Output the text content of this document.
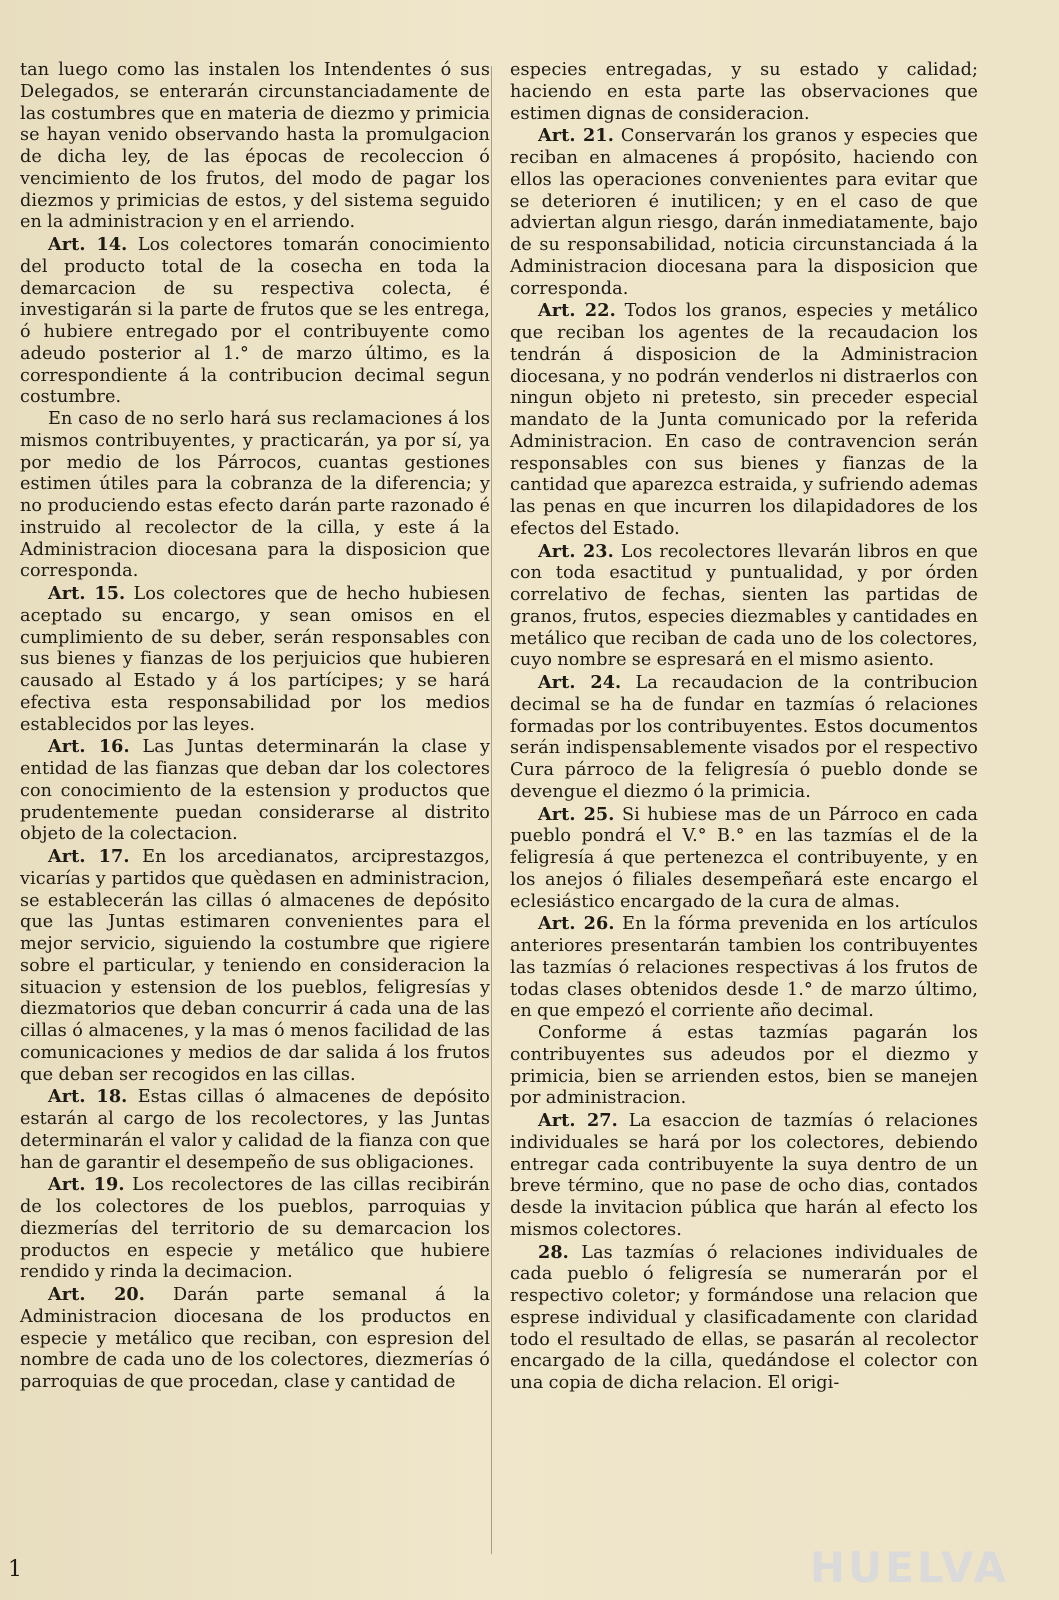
tan luego como las instalen los Intendentes ó sus Delegados, se enterarán circunstanciadamente de las costumbres que en materia de diezmo y primicia se hayan venido observando hasta la promulgacion de dicha ley, de las épocas de recoleccion ó vencimiento de los frutos, del modo de pagar los diezmos y primicias de estos, y del sistema seguido en la administracion y en el arriendo.

Art. 14. Los colectores tomarán conocimiento del producto total de la cosecha en toda la demarcacion de su respectiva colecta, é investigarán si la parte de frutos que se les entrega, ó hubiere entregado por el contribuyente como adeudo posterior al 1.° de marzo último, es la correspondiente á la contribucion decimal segun costumbre.

En caso de no serlo hará sus reclamaciones á los mismos contribuyentes, y practicarán, ya por sí, ya por medio de los Párrocos, cuantas gestiones estimen útiles para la cobranza de la diferencia; y no produciendo estas efecto darán parte razonado é instruido al recolector de la cilla, y este á la Administracion diocesana para la disposicion que corresponda.

Art. 15. Los colectores que de hecho hubiesen aceptado su encargo, y sean omisos en el cumplimiento de su deber, serán responsables con sus bienes y fianzas de los perjuicios que hubieren causado al Estado y á los partícipes; y se hará efectiva esta responsabilidad por los medios establecidos por las leyes.

Art. 16. Las Juntas determinarán la clase y entidad de las fianzas que deban dar los colectores con conocimiento de la estension y productos que prudentemente puedan considerarse al distrito objeto de la colectacion.

Art. 17. En los arcedianatos, arciprestazgos, vicarías y partidos que quèdasen en administracion, se establecerán las cillas ó almacenes de depósito que las Juntas estimaren convenientes para el mejor servicio, siguiendo la costumbre que rigiere sobre el particular, y teniendo en consideracion la situacion y estension de los pueblos, feligresías y diezmatorios que deban concurrir á cada una de las cillas ó almacenes, y la mas ó menos facilidad de las comunicaciones y medios de dar salida á los frutos que deban ser recogidos en las cillas.

Art. 18. Estas cillas ó almacenes de depósito estarán al cargo de los recolectores, y las Juntas determinarán el valor y calidad de la fianza con que han de garantir el desempeño de sus obligaciones.

Art. 19. Los recolectores de las cillas recibirán de los colectores de los pueblos, parroquias y diezmerías del territorio de su demarcacion los productos en especie y metálico que hubiere rendido y rinda la decimacion.

Art. 20. Darán parte semanal á la Administracion diocesana de los productos en especie y metálico que reciban, con espresion del nombre de cada uno de los colectores, diezmerías ó parroquias de que procedan, clase y cantidad de

especies entregadas, y su estado y calidad; haciendo en esta parte las observaciones que estimen dignas de consideracion.

Art. 21. Conservarán los granos y especies que reciban en almacenes á propósito, haciendo con ellos las operaciones convenientes para evitar que se deterioren é inutilicen; y en el caso de que adviertan algun riesgo, darán inmediatamente, bajo de su responsabilidad, noticia circunstanciada á la Administracion diocesana para la disposicion que corresponda.

Art. 22. Todos los granos, especies y metálico que reciban los agentes de la recaudacion los tendrán á disposicion de la Administracion diocesana, y no podrán venderlos ni distraerlos con ningun objeto ni pretesto, sin preceder especial mandato de la Junta comunicado por la referida Administracion. En caso de contravencion serán responsables con sus bienes y fianzas de la cantidad que aparezca estraida, y sufriendo ademas las penas en que incurren los dilapidadores de los efectos del Estado.

Art. 23. Los recolectores llevarán libros en que con toda esactitud y puntualidad, y por órden correlativo de fechas, sienten las partidas de granos, frutos, especies diezmables y cantidades en metálico que reciban de cada uno de los colectores, cuyo nombre se espresará en el mismo asiento.

Art. 24. La recaudacion de la contribucion decimal se ha de fundar en tazmías ó relaciones formadas por los contribuyentes. Estos documentos serán indispensablemente visados por el respectivo Cura párroco de la feligresía ó pueblo donde se devengue el diezmo ó la primicia.

Art. 25. Si hubiese mas de un Párroco en cada pueblo pondrá el V.° B.° en las tazmías el de la feligresía á que pertenezca el contribuyente, y en los anejos ó filiales desempeñará este encargo el eclesiástico encargado de la cura de almas.

Art. 26. En la fórma prevenida en los artículos anteriores presentarán tambien los contribuyentes las tazmías ó relaciones respectivas á los frutos de todas clases obtenidos desde 1.° de marzo último, en que empezó el corriente año decimal.

Conforme á estas tazmías pagarán los contribuyentes sus adeudos por el diezmo y primicia, bien se arrienden estos, bien se manejen por administracion.

Art. 27. La esaccion de tazmías ó relaciones individuales se hará por los colectores, debiendo entregar cada contribuyente la suya dentro de un breve término, que no pase de ocho dias, contados desde la invitacion pública que harán al efecto los mismos colectores.

28. Las tazmías ó relaciones individuales de cada pueblo ó feligresía se numerarán por el respectivo coletor; y formándose una relacion que esprese individual y clasificadamente con claridad todo el resultado de ellas, se pasarán al recolector encargado de la cilla, quedándose el colector con una copia de dicha relacion. El origi-

1	HUELVA
